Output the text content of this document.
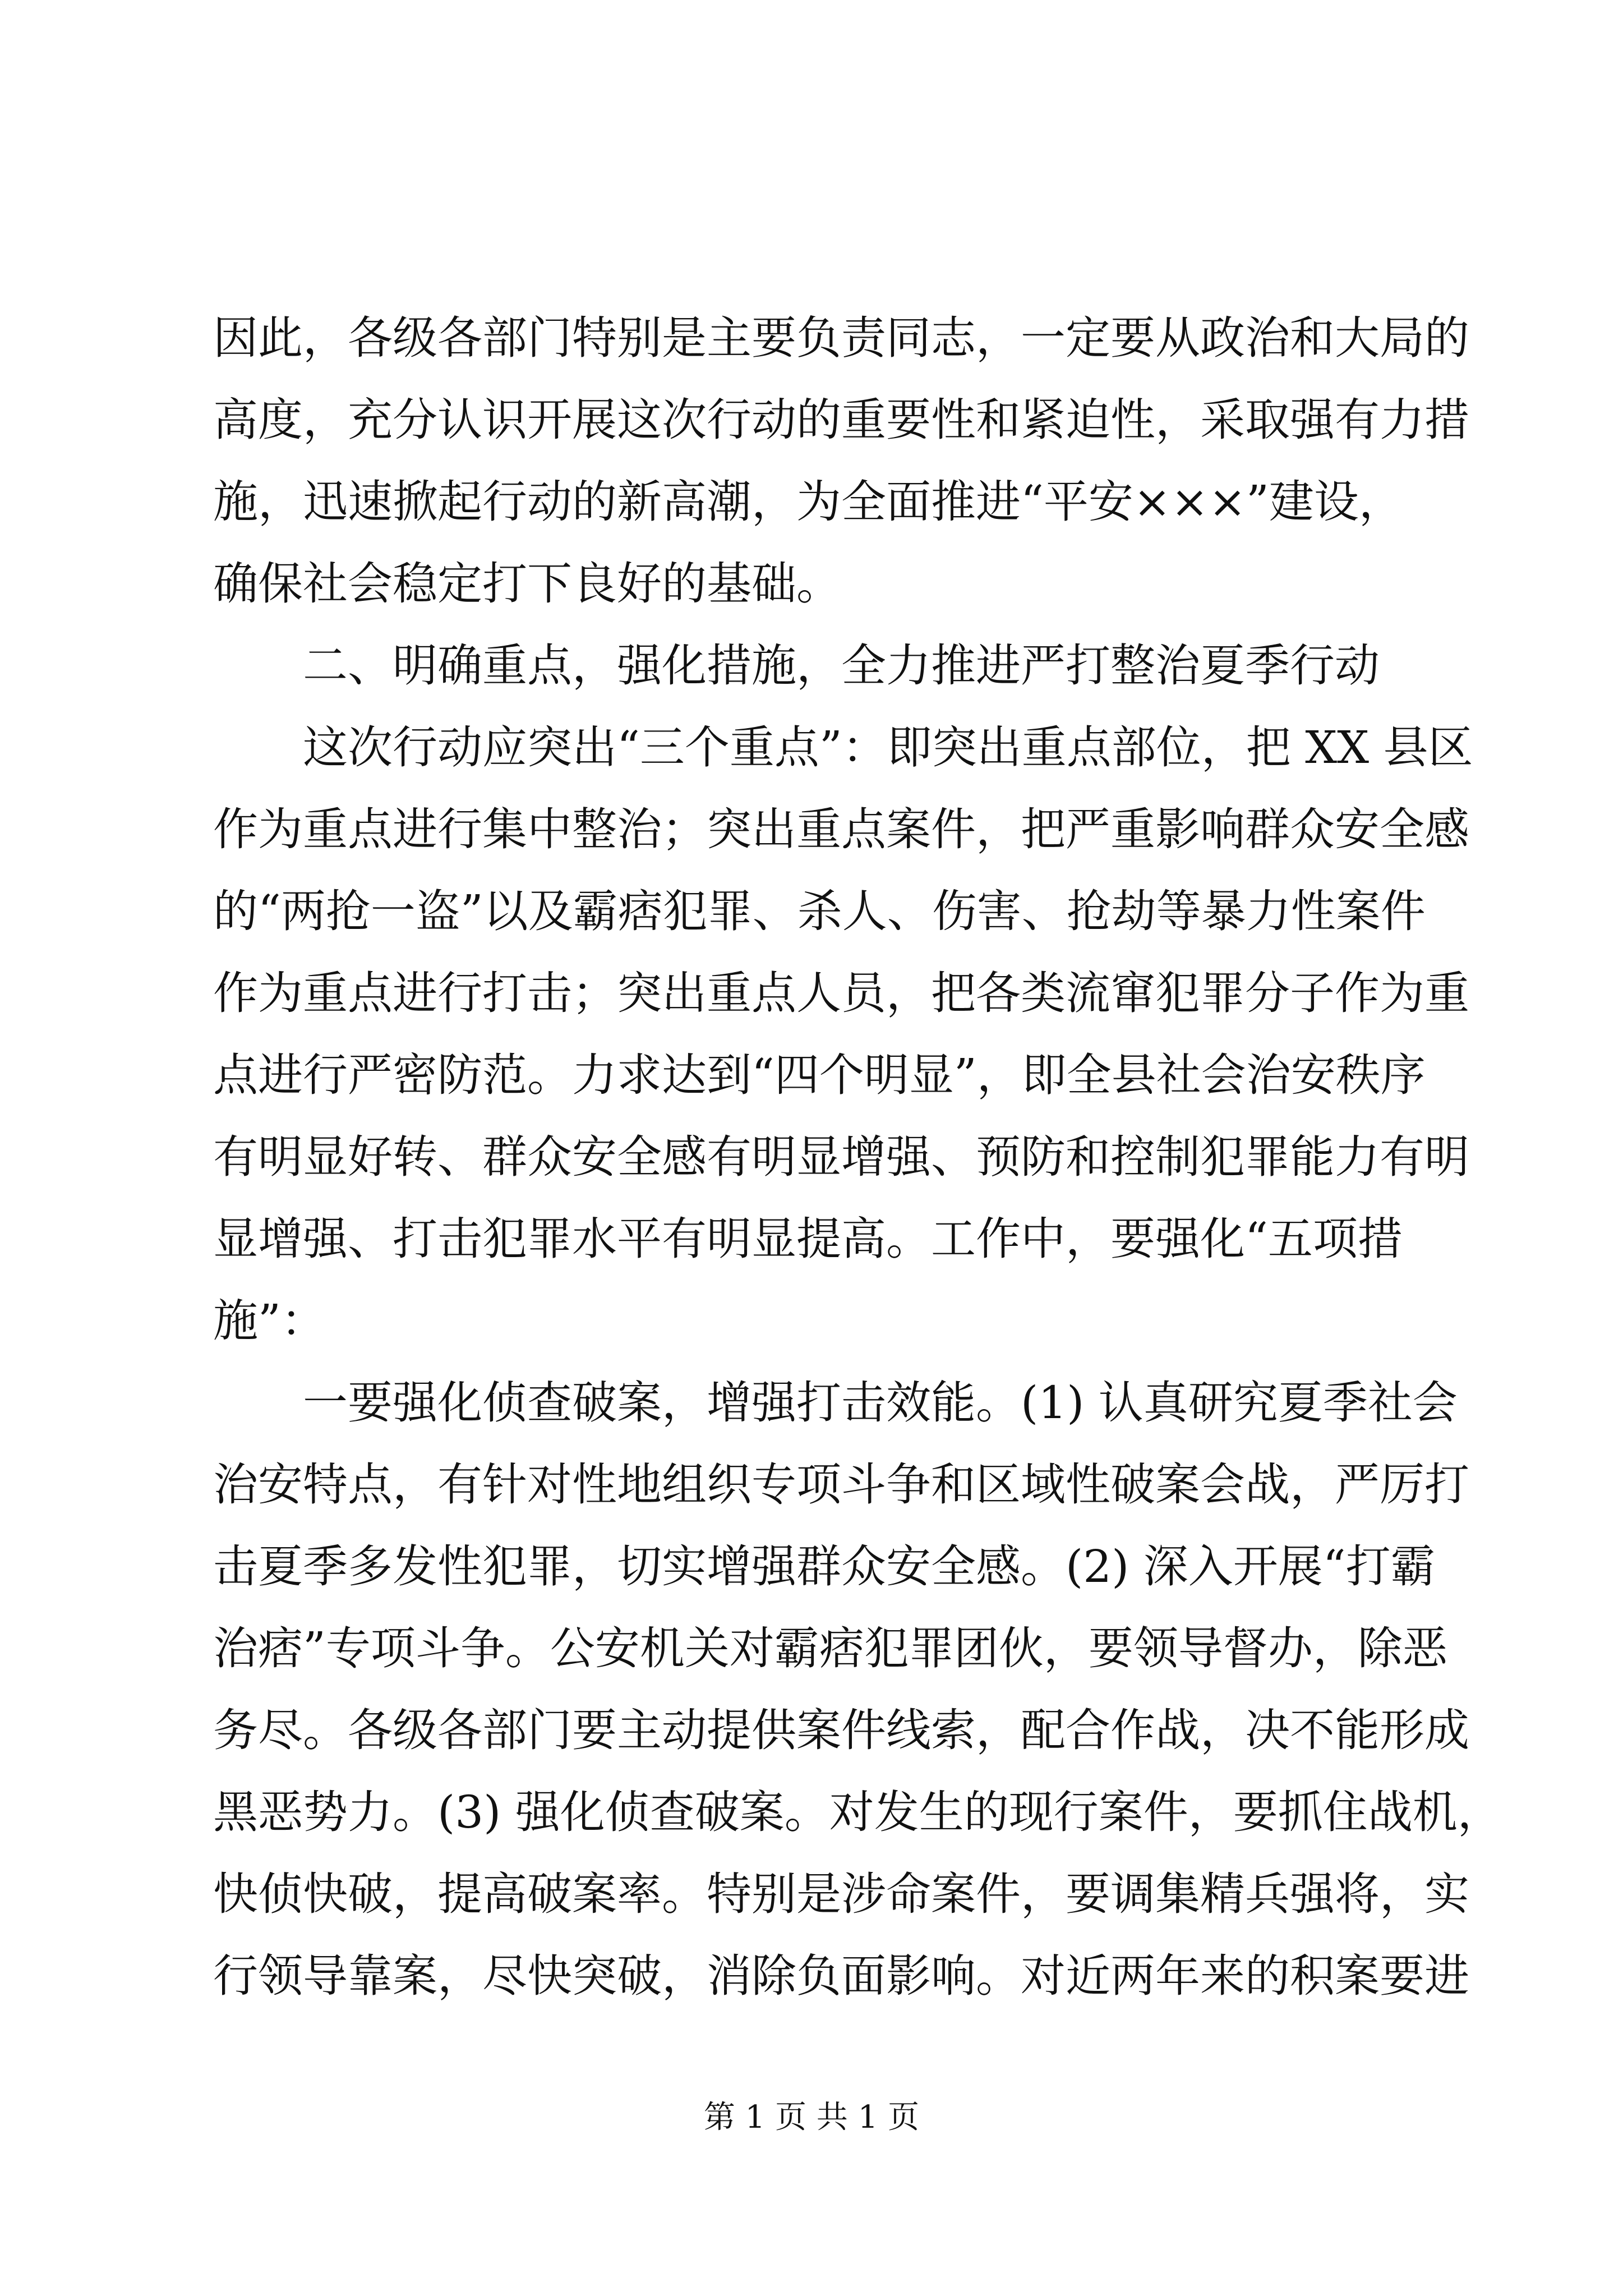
因此，各级各部门特别是主要负责同志，一定要从政治和大局的
高度，充分认识开展这次行动的重要性和紧迫性，采取强有力措
施，迅速掀起行动的新高潮，为全面推进“平安×××”建设，
确保社会稳定打下良好的基础。
二、明确重点，强化措施，全力推进严打整治夏季行动
这次行动应突出“三个重点”：即突出重点部位，把 XX 县区
作为重点进行集中整治；突出重点案件，把严重影响群众安全感
的“两抢一盗”以及霸痞犯罪、杀人、伤害、抢劫等暴力性案件
作为重点进行打击；突出重点人员，把各类流窜犯罪分子作为重
点进行严密防范。力求达到“四个明显”，即全县社会治安秩序
有明显好转、群众安全感有明显增强、预防和控制犯罪能力有明
显增强、打击犯罪水平有明显提高。工作中，要强化“五项措
施”：
一要强化侦查破案，增强打击效能。(1) 认真研究夏季社会
治安特点，有针对性地组织专项斗争和区域性破案会战，严厉打
击夏季多发性犯罪，切实增强群众安全感。(2) 深入开展“打霸
治痞”专项斗争。公安机关对霸痞犯罪团伙，要领导督办，除恶
务尽。各级各部门要主动提供案件线索，配合作战，决不能形成
黑恶势力。(3) 强化侦查破案。对发生的现行案件，要抓住战机，
快侦快破，提高破案率。特别是涉命案件，要调集精兵强将，实
行领导靠案，尽快突破，消除负面影响。对近两年来的积案要进
第 1 页 共 1 页
